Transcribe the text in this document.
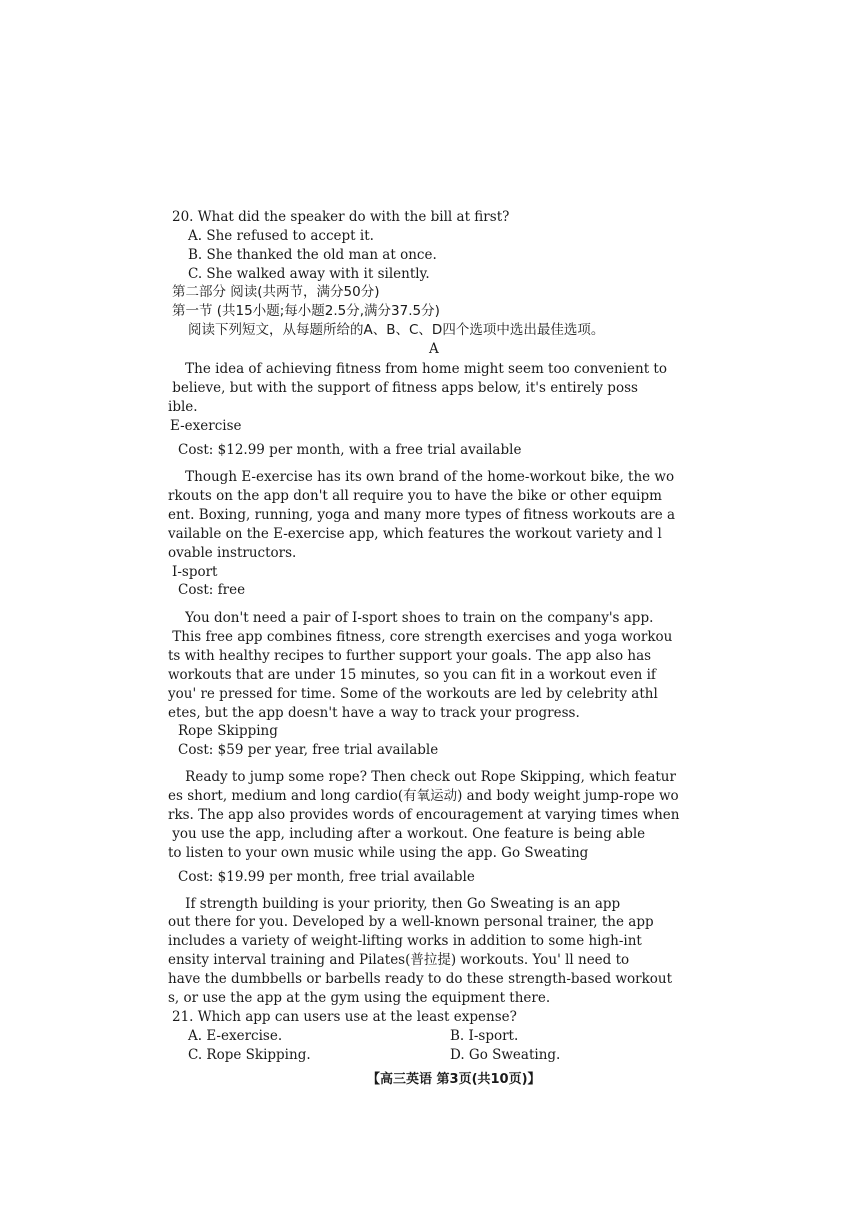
20. What did the speaker do with the bill at first?
A. She refused to accept it.
B. She thanked the old man at once.
C. She walked away with it silently.
第二部分 阅读(共两节，满分50分)
第一节 (共15小题;每小题2.5分,满分37.5分)
阅读下列短文，从每题所给的A、B、C、D四个选项中选出最佳选项。
A
The idea of achieving fitness from home might seem too convenient to
believe, but with the support of fitness apps below, it's entirely poss
ible.
E-exercise
Cost: $12.99 per month, with a free trial available
Though E-exercise has its own brand of the home-workout bike, the wo
rkouts on the app don't all require you to have the bike or other equipm
ent. Boxing, running, yoga and many more types of fitness workouts are a
vailable on the E-exercise app, which features the workout variety and l
ovable instructors.
I-sport
Cost: free
You don't need a pair of I-sport shoes to train on the company's app.
This free app combines fitness, core strength exercises and yoga workou
ts with healthy recipes to further support your goals. The app also has
workouts that are under 15 minutes, so you can fit in a workout even if
you' re pressed for time. Some of the workouts are led by celebrity athl
etes, but the app doesn't have a way to track your progress.
Rope Skipping
Cost: $59 per year, free trial available
Ready to jump some rope? Then check out Rope Skipping, which featur
es short, medium and long cardio(有氧运动) and body weight jump-rope wo
rks. The app also provides words of encouragement at varying times when
you use the app, including after a workout. One feature is being able
to listen to your own music while using the app. Go Sweating
Cost: $19.99 per month, free trial available
If strength building is your priority, then Go Sweating is an app
out there for you. Developed by a well-known personal trainer, the app
includes a variety of weight-lifting works in addition to some high-int
ensity interval training and Pilates(普拉提) workouts. You' ll need to
have the dumbbells or barbells ready to do these strength-based workout
s, or use the app at the gym using the equipment there.
21. Which app can users use at the least expense?
A. E-exercise.	B. I-sport.
C. Rope Skipping.	D. Go Sweating.
【高三英语 第3页(共10页)】
